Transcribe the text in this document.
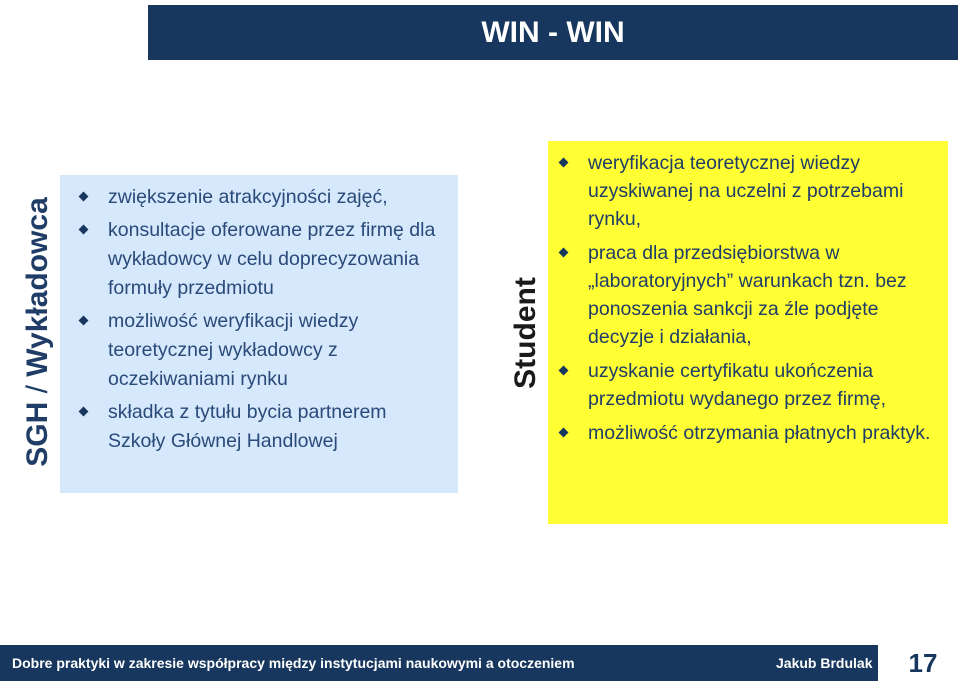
WIN - WIN
SGH / Wykładowca
zwiększenie atrakcyjności zajęć,
konsultacje oferowane przez firmę dla wykładowcy w celu doprecyzowania formuły przedmiotu
możliwość weryfikacji wiedzy teoretycznej wykładowcy z oczekiwaniami rynku
składka z tytułu bycia partnerem Szkoły Głównej Handlowej
Student
weryfikacja teoretycznej wiedzy uzyskiwanej na uczelni z potrzebami rynku,
praca dla przedsiębiorstwa w „laboratoryjnych” warunkach tzn. bez ponoszenia sankcji za źle podjęte decyzje i działania,
uzyskanie certyfikatu ukończenia przedmiotu wydanego przez firmę,
możliwość otrzymania płatnych praktyk.
Dobre praktyki w zakresie współpracy między instytucjami naukowymi a otoczeniem	Jakub Brdulak	17
